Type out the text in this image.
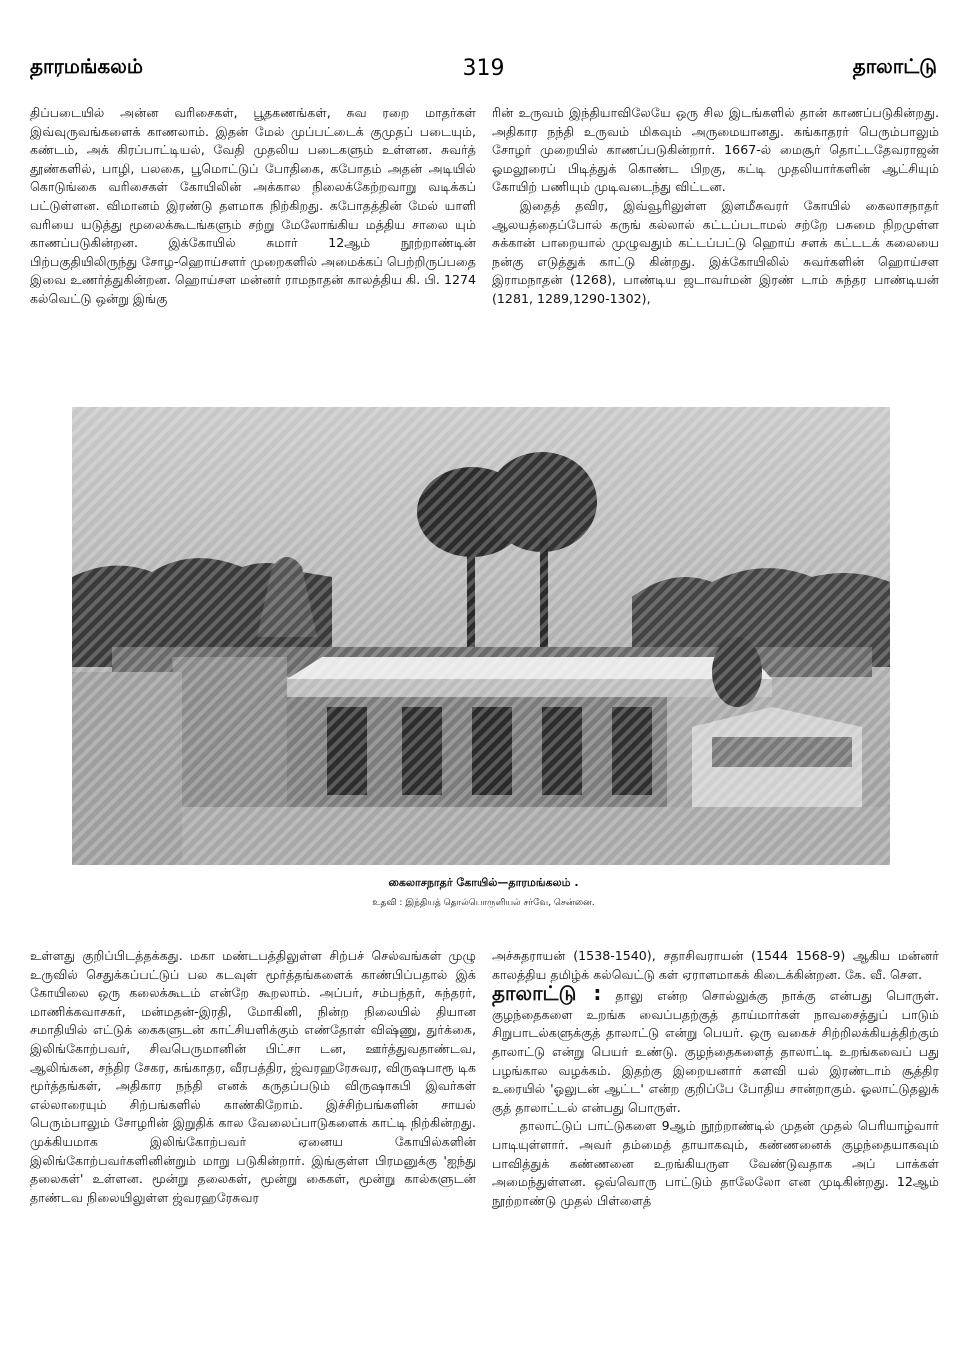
தாரமங்கலம்	319	தாலாட்டு

திப்படையில் அன்ன வரிசைகள், பூதகணங்கள், சுவ ரறை மாதர்கள் இவ்வுருவங்களைக் காணலாம். இதன் மேல் முப்பட்டைக் குமுதப் படையும், கண்டம், அக் கிரப்பாட்டியல், வேதி முதலிய படைகளும் உள்ளன. சுவர்த் தூண்களில், பாழி, பலகை, பூமொட்டுப் போதிகை, கபோதம் அதன் அடியில் கொடுங்கை வரிசைகள் கோயிலின் அக்கால நிலைக்கேற்றவாறு வடிக்கப் பட்டுள்ளன. விமானம் இரண்டு தளமாக நிற்கிறது. கபோதத்தின் மேல் யாளி வரியை யடுத்து மூலைக்கூடங்களும் சற்று மேலோங்கிய மத்திய சாலை யும் காணப்படுகின்றன. இக்கோயில் சுமார் 12ஆம் நூற்றாண்டின் பிற்பகுதியிலிருந்து சோழ-ஹொய்சளர் முறைகளில் அமைக்கப் பெற்றிருப்பதை இவை உணர்த்துகின்றன. ஹொய்சள மன்னர் ராமநாதன் காலத்திய கி. பி. 1274 கல்வெட்டு ஒன்று இங்கு

ரின் உருவம் இந்தியாவிலேயே ஒரு சில இடங்களில் தான் காணப்படுகின்றது. அதிகார நந்தி உருவம் மிகவும் அருமையானது. கங்காதரர் பெரும்பாலும் சோழர் முறையில் காணப்படுகின்றார். 1667-ல் மைசூர் தொட்டதேவராஜன் ஓமலூரைப் பிடித்துக் கொண்ட பிறகு, கட்டி முதலியார்களின் ஆட்சியும் கோயிற் பணியும் முடிவடைந்து விட்டன.

இதைத் தவிர, இவ்வூரிலுள்ள இளமீசுவரர் கோயில் கைலாசநாதர் ஆலயத்தைப்போல் கருங் கல்லால் கட்டப்படாமல் சற்றே பசுமை நிறமுள்ள சுக்கான் பாறையால் முழுவதும் கட்டப்பட்டு ஹொய் சளக் கட்டடக் கலையை நன்கு எடுத்துக் காட்டு கின்றது. இக்கோயிலில் சுவர்களின் ஹொய்சள இராமநாதன் (1268), பாண்டிய ஜடாவர்மன் இரண் டாம் சுந்தர பாண்டியன் (1281, 1289,1290-1302),

கைலாசநாதர் கோயில்—தாரமங்கலம் .
உதவி : இந்தியத் தொல்பொருளியல் சர்வே, சென்னை.

உள்ளது குறிப்பிடத்தக்கது. மகா மண்டபத்திலுள்ள சிற்பச் செல்வங்கள் முழு உருவில் செதுக்கப்பட்டுப் பல கடவுள் மூர்த்தங்களைக் காண்பிப்பதால் இக் கோயிலை ஒரு கலைக்கூடம் என்றே கூறலாம். அப்பர், சம்பந்தர், சுந்தரர், மாணிக்கவாசகர், மன்மதன்-இரதி, மோகினி, நின்ற நிலையில் தியான சமாதியில் எட்டுக் கைகளுடன் காட்சியளிக்கும் எண்தோள் விஷ்ணு, துர்க்கை, இலிங்கோற்பவர், சிவபெருமானின் பிட்சா டன, ஊர்த்துவதாண்டவ, ஆலிங்கன, சந்திர சேகர, கங்காதர, வீரபத்திர, ஜ்வரஹரேசுவர, விருஷபாரூ டிக மூர்த்தங்கள், அதிகார நந்தி எனக் கருதப்படும் விருஷாகபி இவர்கள் எல்லாரையும் சிற்பங்களில் காண்கிறோம். இச்சிற்பங்களின் சாயல் பெரும்பாலும் சோழரின் இறுதிக் கால வேலைப்பாடுகளைக் காட்டி நிற்கின்றது. முக்கியமாக இலிங்கோற்பவர் ஏனைய கோயில்களின் இலிங்கோற்பவர்களினின்றும் மாறு படுகின்றார். இங்குள்ள பிரமனுக்கு 'ஐந்து தலைகள்' உள்ளன. மூன்று தலைகள், மூன்று கைகள், மூன்று கால்களுடன் தாண்டவ நிலையிலுள்ள ஜ்வரஹரேசுவர

அச்சுதராயன் (1538-1540), சதாசிவராயன் (1544 1568-9) ஆகிய மன்னர் காலத்திய தமிழ்க் கல்வெட்டு கள் ஏராளமாகக் கிடைக்கின்றன. கே. வீ. செள.

தாலாட்டு : தாலு என்ற சொல்லுக்கு நாக்கு என்பது பொருள். குழந்தைகளை உறங்க வைப்பதற்குத் தாய்மார்கள் நாவசைத்துப் பாடும் சிறுபாடல்களுக்குத் தாலாட்டு என்று பெயர். ஒரு வகைச் சிற்றிலக்கியத்திற்கும் தாலாட்டு என்று பெயர் உண்டு. குழந்தைகளைத் தாலாட்டி உறங்கவைப் பது பழங்கால வழக்கம். இதற்கு இறையனார் களவி யல் இரண்டாம் சூத்திர உரையில் 'ஓலுடன் ஆட்ட' என்ற குறிப்பே போதிய சான்றாகும். ஓலாட்டுதலுக் குத் தாலாட்டல் என்பது பொருள்.

தாலாட்டுப் பாட்டுகளை 9ஆம் நூற்றாண்டில் முதன் முதல் பெரியாழ்வார் பாடியுள்ளார். அவர் தம்மைத் தாயாகவும், கண்ணனைக் குழந்தையாகவும் பாவித்துக் கண்ணனை உறங்கியருள வேண்டுவதாக அப் பாக்கள் அமைந்துள்ளன. ஒவ்வொரு பாட்டும் தாலேலோ என முடிகின்றது. 12ஆம் நூற்றாண்டு முதல் பிள்ளைத்
